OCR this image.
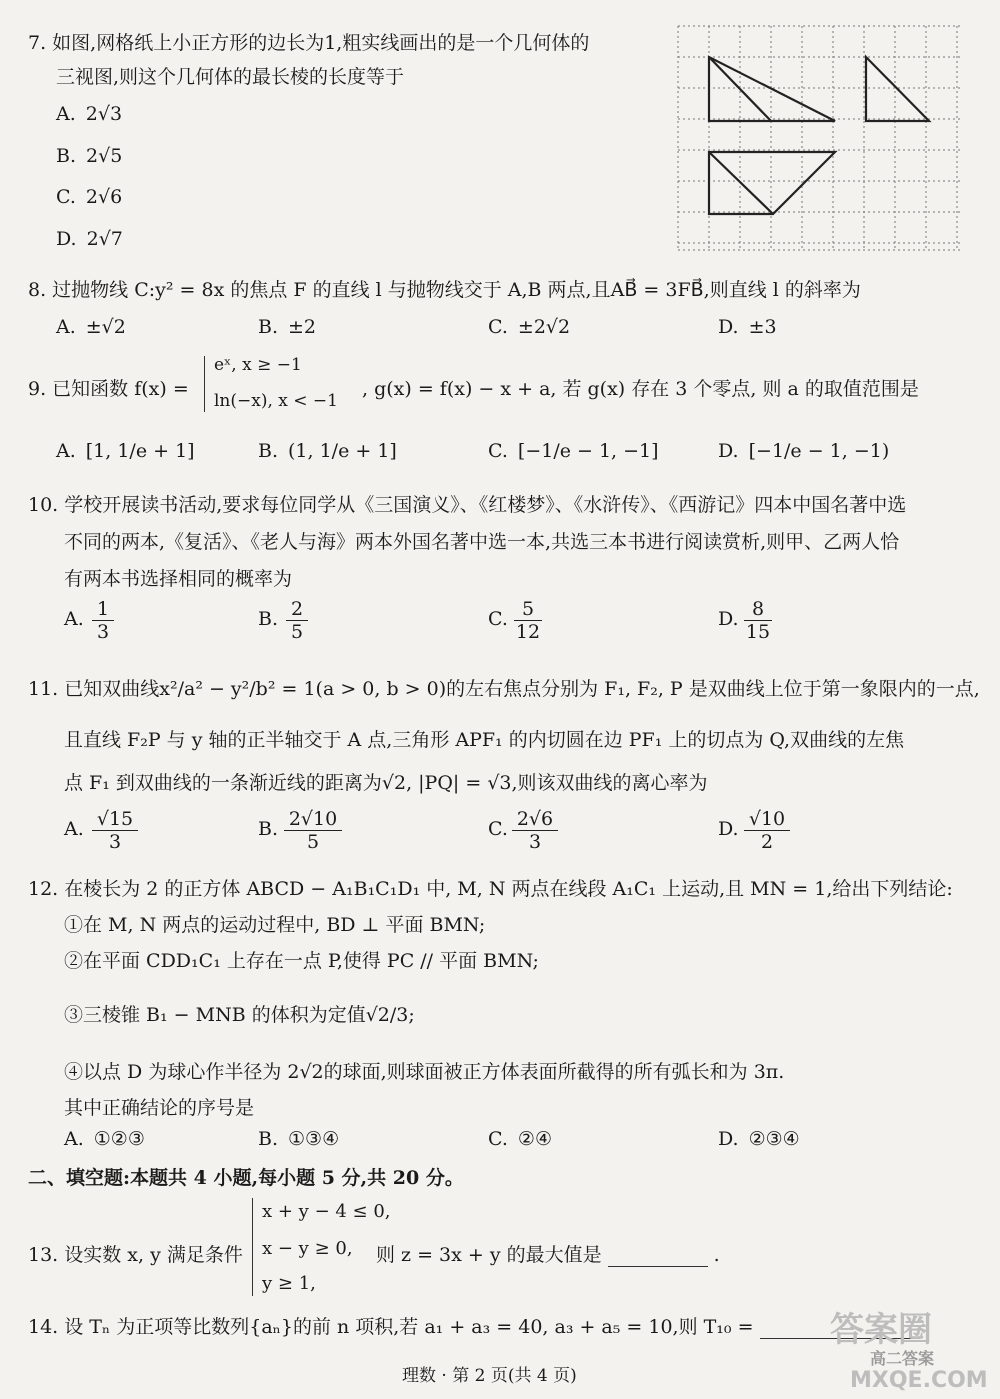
7. 如图,网格纸上小正方形的边长为1,粗实线画出的是一个几何体的
三视图,则这个几何体的最长棱的长度等于
A. 2√3
B. 2√5
C. 2√6
D. 2√7
8. 过抛物线 C:y² = 8x 的焦点 F 的直线 l 与抛物线交于 A,B 两点,且AB⃗ = 3FB⃗,则直线 l 的斜率为
A. ±√2	B. ±2	C. ±2√2	D. ±3
9. 已知函数 f(x) =
eˣ, x ≥ −1
ln(−x), x < −1
, g(x) = f(x) − x + a, 若 g(x) 存在 3 个零点, 则 a 的取值范围是
A. [1, 1/e + 1]	B. (1, 1/e + 1]	C. [−1/e − 1, −1]	D. [−1/e − 1, −1)
10. 学校开展读书活动,要求每位同学从《三国演义》、《红楼梦》、《水浒传》、《西游记》四本中国名著中选
不同的两本,《复活》、《老人与海》两本外国名著中选一本,共选三本书进行阅读赏析,则甲、乙两人恰
有两本书选择相同的概率为
A. 1
3
B. 2
5
C. 5
12
D. 8
15
11. 已知双曲线x²/a² − y²/b² = 1(a > 0, b > 0)的左右焦点分别为 F₁, F₂, P 是双曲线上位于第一象限内的一点,
且直线 F₂P 与 y 轴的正半轴交于 A 点,三角形 APF₁ 的内切圆在边 PF₁ 上的切点为 Q,双曲线的左焦
点 F₁ 到双曲线的一条渐近线的距离为√2, |PQ| = √3,则该双曲线的离心率为
A. √15
3
B. 2√10
5
C. 2√6
3
D. √10
2
12. 在棱长为 2 的正方体 ABCD − A₁B₁C₁D₁ 中, M, N 两点在线段 A₁C₁ 上运动,且 MN = 1,给出下列结论:
①在 M, N 两点的运动过程中, BD ⊥ 平面 BMN;
②在平面 CDD₁C₁ 上存在一点 P,使得 PC // 平面 BMN;
③三棱锥 B₁ − MNB 的体积为定值√2/3;
④以点 D 为球心作半径为 2√2的球面,则球面被正方体表面所截得的所有弧长和为 3π.
其中正确结论的序号是
A. ①②③	B. ①③④	C. ②④	D. ②③④
二、填空题:本题共 4 小题,每小题 5 分,共 20 分。
13. 设实数 x, y 满足条件
x + y − 4 ≤ 0,
x − y ≥ 0,
y ≥ 1,
则 z = 3x + y 的最大值是	.
14. 设 Tₙ 为正项等比数列{aₙ}的前 n 项积,若 a₁ + a₃ = 40, a₃ + a₅ = 10,则 T₁₀ =
理数 · 第 2 页(共 4 页)
答案圈
高二答案
MXQE.COM
